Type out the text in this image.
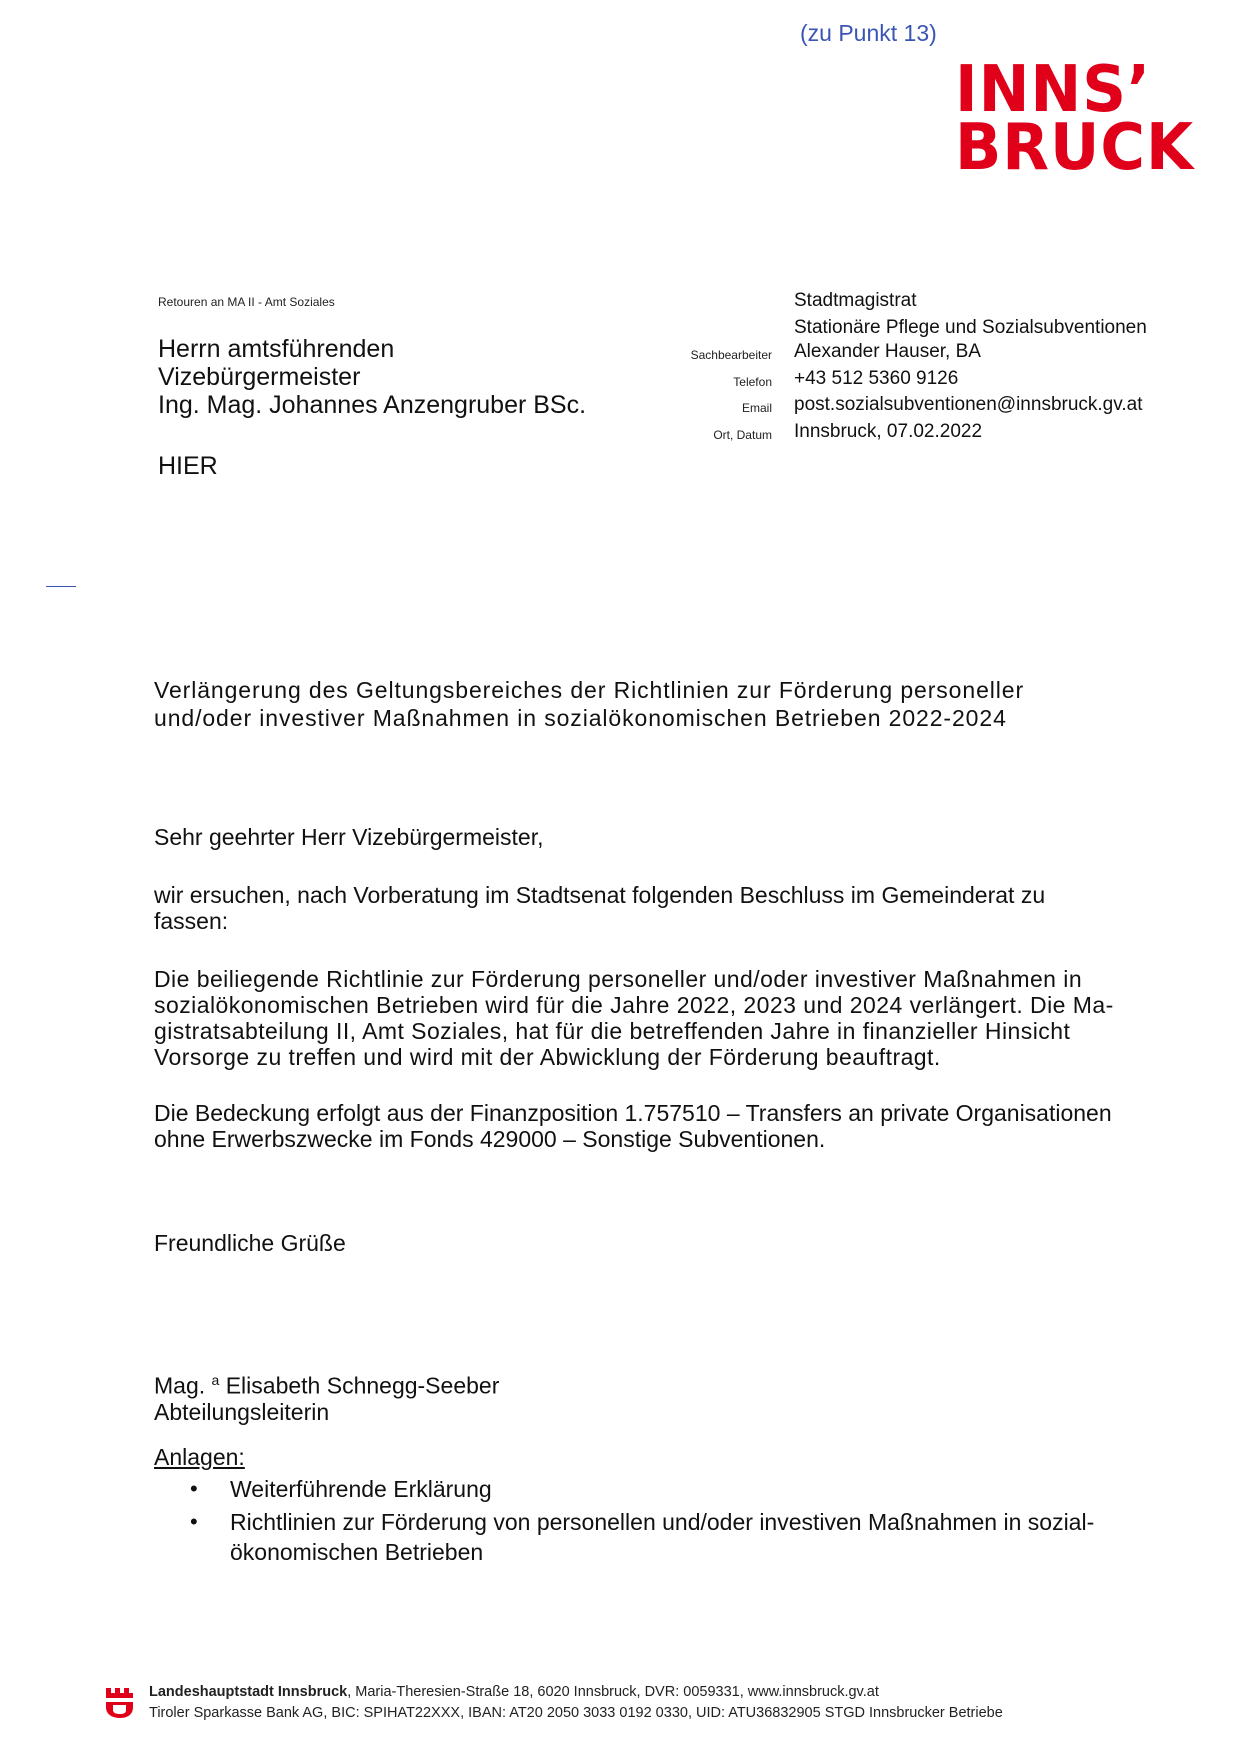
(zu Punkt 13)
INNS’
BRUCK
Retouren an MA II - Amt Soziales
Herrn amtsführenden
Vizebürgermeister
Ing. Mag. Johannes Anzengruber BSc.
HIER
Stadtmagistrat
Stationäre Pflege und Sozialsubventionen
Sachbearbeiter Alexander Hauser, BA
Telefon +43 512 5360 9126
Email post.sozialsubventionen@innsbruck.gv.at
Ort, Datum Innsbruck, 07.02.2022
Verlängerung des Geltungsbereiches der Richtlinien zur Förderung personeller
und/oder investiver Maßnahmen in sozialökonomischen Betrieben 2022-2024
Sehr geehrter Herr Vizebürgermeister,
wir ersuchen, nach Vorberatung im Stadtsenat folgenden Beschluss im Gemeinderat zu
fassen:
Die beiliegende Richtlinie zur Förderung personeller und/oder investiver Maßnahmen in
sozialökonomischen Betrieben wird für die Jahre 2022, 2023 und 2024 verlängert. Die Ma-
gistratsabteilung II, Amt Soziales, hat für die betreffenden Jahre in finanzieller Hinsicht
Vorsorge zu treffen und wird mit der Abwicklung der Förderung beauftragt.
Die Bedeckung erfolgt aus der Finanzposition 1.757510 – Transfers an private Organisationen
ohne Erwerbszwecke im Fonds 429000 – Sonstige Subventionen.
Freundliche Grüße
Mag. $^a$ Elisabeth Schnegg-Seeber
Abteilungsleiterin
Anlagen:
• Weiterführende Erklärung
• Richtlinien zur Förderung von personellen und/oder investiven Maßnahmen in sozial-
ökonomischen Betrieben
Landeshauptstadt Innsbruck, Maria-Theresien-Straße 18, 6020 Innsbruck, DVR: 0059331, www.innsbruck.gv.at
Tiroler Sparkasse Bank AG, BIC: SPIHAT22XXX, IBAN: AT20 2050 3033 0192 0330, UID: ATU36832905 STGD Innsbrucker Betriebe
